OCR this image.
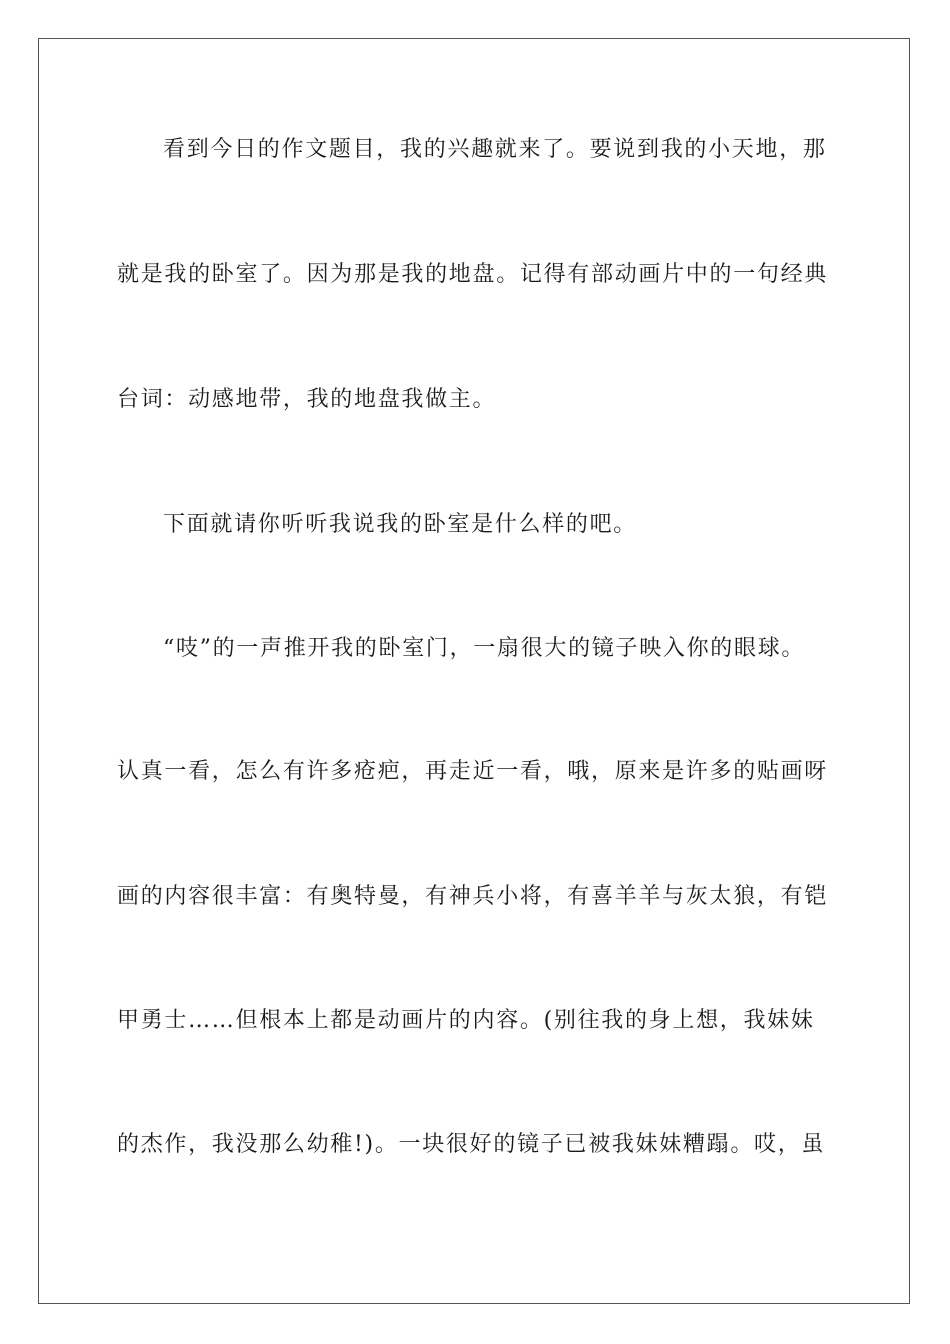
看到今日的作文题目，我的兴趣就来了。要说到我的小天地，那
就是我的卧室了。因为那是我的地盘。记得有部动画片中的一句经典
台词：动感地带，我的地盘我做主。
下面就请你听听我说我的卧室是什么样的吧。
“吱”的一声推开我的卧室门，一扇很大的镜子映入你的眼球。
认真一看，怎么有许多疮疤，再走近一看，哦，原来是许多的贴画呀
画的内容很丰富：有奥特曼，有神兵小将，有喜羊羊与灰太狼，有铠
甲勇士……但根本上都是动画片的内容。(别往我的身上想，我妹妹
的杰作，我没那么幼稚!)。一块很好的镜子已被我妹妹糟蹋。哎，虽
